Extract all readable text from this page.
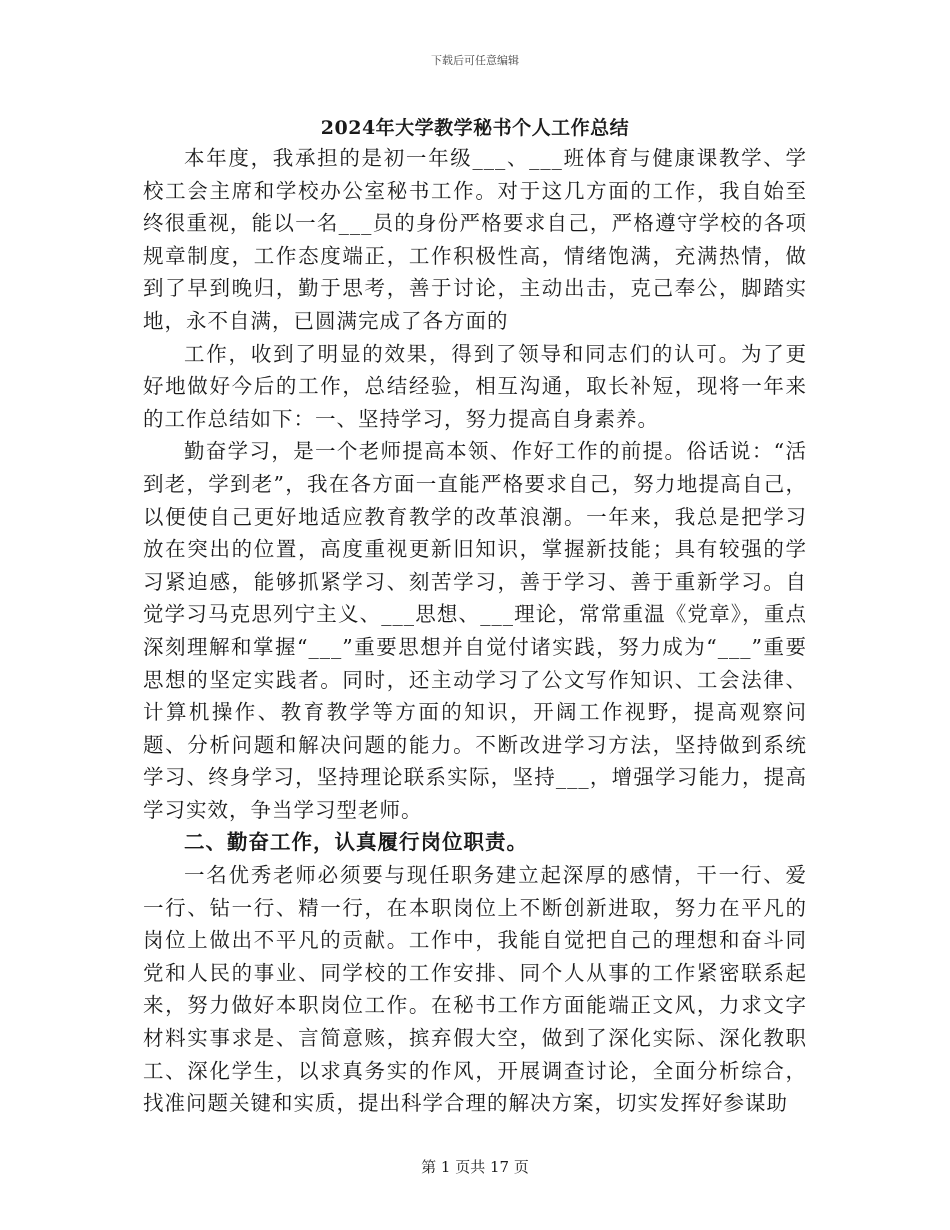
下载后可任意编辑
2024年大学教学秘书个人工作总结

本年度，我承担的是初一年级___、___班体育与健康课教学、学校工会主席和学校办公室秘书工作。对于这几方面的工作，我自始至终很重视，能以一名___员的身份严格要求自己，严格遵守学校的各项规章制度，工作态度端正，工作积极性高，情绪饱满，充满热情，做到了早到晚归，勤于思考，善于讨论，主动出击，克己奉公，脚踏实地，永不自满，已圆满完成了各方面的

工作，收到了明显的效果，得到了领导和同志们的认可。为了更好地做好今后的工作，总结经验，相互沟通，取长补短，现将一年来的工作总结如下：一、坚持学习，努力提高自身素养。

勤奋学习，是一个老师提高本领、作好工作的前提。俗话说：“活到老，学到老”，我在各方面一直能严格要求自己，努力地提高自己，以便使自己更好地适应教育教学的改革浪潮。一年来，我总是把学习放在突出的位置，高度重视更新旧知识，掌握新技能；具有较强的学习紧迫感，能够抓紧学习、刻苦学习，善于学习、善于重新学习。自觉学习马克思列宁主义、___思想、___理论，常常重温《党章》，重点深刻理解和掌握“___”重要思想并自觉付诸实践，努力成为“___”重要思想的坚定实践者。同时，还主动学习了公文写作知识、工会法律、计算机操作、教育教学等方面的知识，开阔工作视野，提高观察问题、分析问题和解决问题的能力。不断改进学习方法，坚持做到系统学习、终身学习，坚持理论联系实际，坚持___，增强学习能力，提高学习实效，争当学习型老师。

二、勤奋工作，认真履行岗位职责。

一名优秀老师必须要与现任职务建立起深厚的感情，干一行、爱一行、钻一行、精一行，在本职岗位上不断创新进取，努力在平凡的岗位上做出不平凡的贡献。工作中，我能自觉把自己的理想和奋斗同党和人民的事业、同学校的工作安排、同个人从事的工作紧密联系起来，努力做好本职岗位工作。在秘书工作方面能端正文风，力求文字材料实事求是、言简意赅，摈弃假大空，做到了深化实际、深化教职工、深化学生，以求真务实的作风，开展调查讨论，全面分析综合，找准问题关键和实质，提出科学合理的解决方案，切实发挥好参谋助

第 1 页共 17 页
